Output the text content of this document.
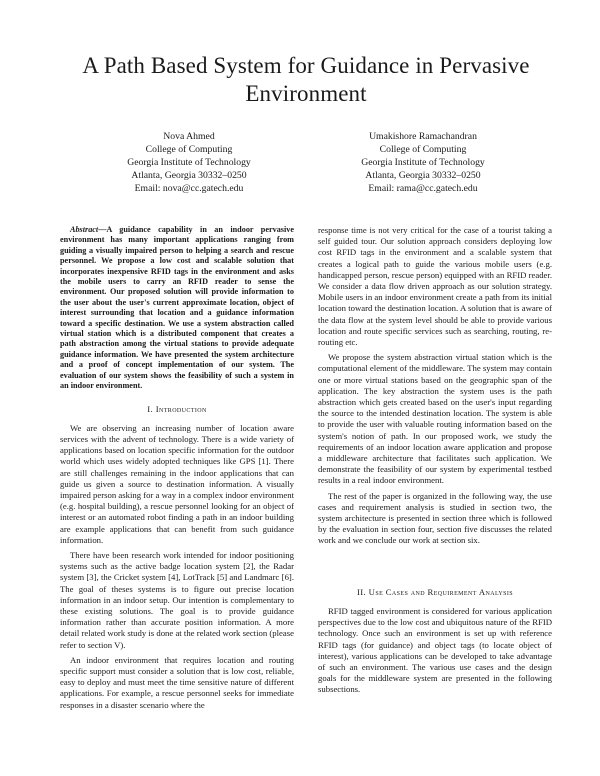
A Path Based System for Guidance in Pervasive
Environment
Nova Ahmed
College of Computing
Georgia Institute of Technology
Atlanta, Georgia 30332–0250
Email: nova@cc.gatech.edu
Umakishore Ramachandran
College of Computing
Georgia Institute of Technology
Atlanta, Georgia 30332–0250
Email: rama@cc.gatech.edu

Abstract—A guidance capability in an indoor pervasive environment has many important applications ranging from guiding a visually impaired person to helping a search and rescue personnel. We propose a low cost and scalable solution that incorporates inexpensive RFID tags in the environment and asks the mobile users to carry an RFID reader to sense the environment. Our proposed solution will provide information to the user about the user's current approximate location, object of interest surrounding that location and a guidance information toward a specific destination. We use a system abstraction called virtual station which is a distributed component that creates a path abstraction among the virtual stations to provide adequate guidance information. We have presented the system architecture and a proof of concept implementation of our system. The evaluation of our system shows the feasibility of such a system in an indoor environment.

I. Introduction

We are observing an increasing number of location aware services with the advent of technology. There is a wide variety of applications based on location specific information for the outdoor world which uses widely adopted techniques like GPS [1]. There are still challenges remaining in the indoor applications that can guide us given a source to destination information. A visually impaired person asking for a way in a complex indoor environment (e.g. hospital building), a rescue personnel looking for an object of interest or an automated robot finding a path in an indoor building are example applications that can benefit from such guidance information.

There have been research work intended for indoor positioning systems such as the active badge location system [2], the Radar system [3], the Cricket system [4], LotTrack [5] and Landmarc [6]. The goal of theses systems is to figure out precise location information in an indoor setup. Our intention is complementary to these existing solutions. The goal is to provide guidance information rather than accurate position information. A more detail related work study is done at the related work section (please refer to section V).

An indoor environment that requires location and routing specific support must consider a solution that is low cost, reliable, easy to deploy and must meet the time sensitive nature of different applications. For example, a rescue personnel seeks for immediate responses in a disaster scenario where the

response time is not very critical for the case of a tourist taking a self guided tour. Our solution approach considers deploying low cost RFID tags in the environment and a scalable system that creates a logical path to guide the various mobile users (e.g. handicapped person, rescue person) equipped with an RFID reader. We consider a data flow driven approach as our solution strategy. Mobile users in an indoor environment create a path from its initial location toward the destination location. A solution that is aware of the data flow at the system level should be able to provide various location and route specific services such as searching, routing, re-routing etc.

We propose the system abstraction virtual station which is the computational element of the middleware. The system may contain one or more virtual stations based on the geographic span of the application. The key abstraction the system uses is the path abstraction which gets created based on the user's input regarding the source to the intended destination location. The system is able to provide the user with valuable routing information based on the system's notion of path. In our proposed work, we study the requirements of an indoor location aware application and propose a middleware architecture that facilitates such application. We demonstrate the feasibility of our system by experimental testbed results in a real indoor environment.

The rest of the paper is organized in the following way, the use cases and requirement analysis is studied in section two, the system architecture is presented in section three which is followed by the evaluation in section four, section five discusses the related work and we conclude our work at section six.

II. Use Cases and Requirement Analysis

RFID tagged environment is considered for various application perspectives due to the low cost and ubiquitous nature of the RFID technology. Once such an environment is set up with reference RFID tags (for guidance) and object tags (to locate object of interest), various applications can be developed to take advantage of such an environment. The various use cases and the design goals for the middleware system are presented in the following subsections.
